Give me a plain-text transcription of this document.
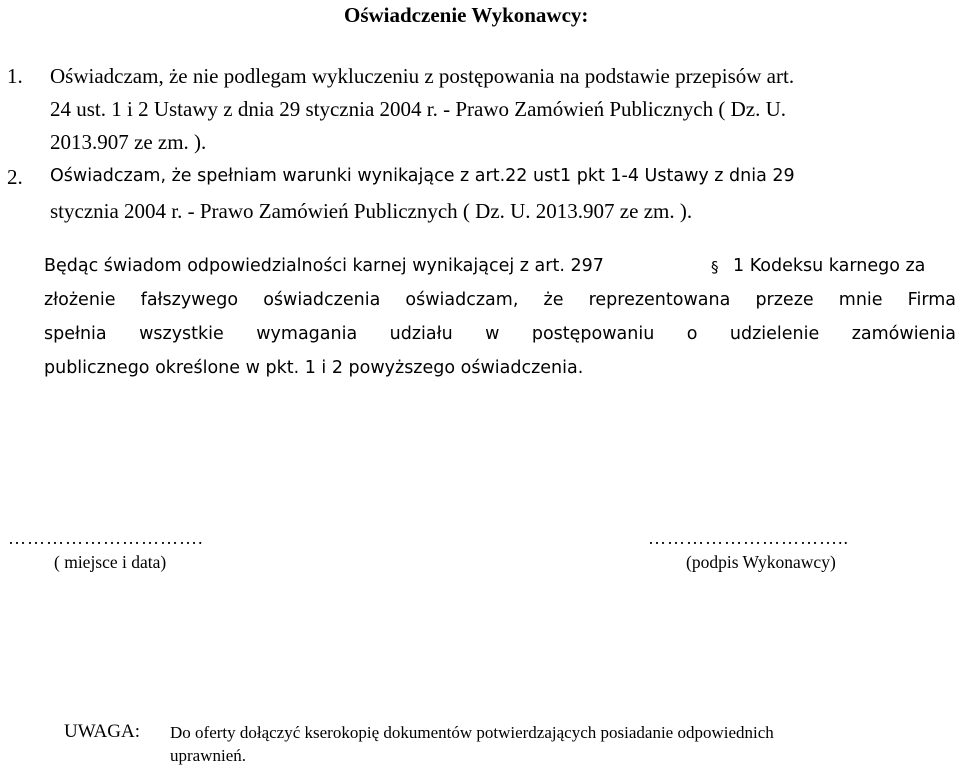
Oświadczenie Wykonawcy:
1.	Oświadczam, że nie podlegam wykluczeniu z postępowania na podstawie przepisów art.
24 ust. 1 i 2 Ustawy z dnia 29 stycznia 2004 r. - Prawo Zamówień Publicznych ( Dz. U.
2013.907 ze zm. ).
2.	Oświadczam, że spełniam warunki wynikające z art.22 ust1 pkt 1-4 Ustawy z dnia 29
stycznia 2004 r. - Prawo Zamówień Publicznych ( Dz. U. 2013.907 ze zm. ).
Będąc świadom odpowiedzialności karnej wynikającej z art. 297
§	1 Kodeksu karnego za
złożenie fałszywego oświadczenia oświadczam, że reprezentowana przeze mnie Firma
spełnia wszystkie wymagania udziału w postępowaniu o udzielenie zamówienia
publicznego określone w pkt. 1 i 2 powyższego oświadczenia.
………………………….
( miejsce i data)
…………………………..
(podpis Wykonawcy)
UWAGA: Do oferty dołączyć kserokopię dokumentów potwierdzających posiadanie odpowiednich
uprawnień.
